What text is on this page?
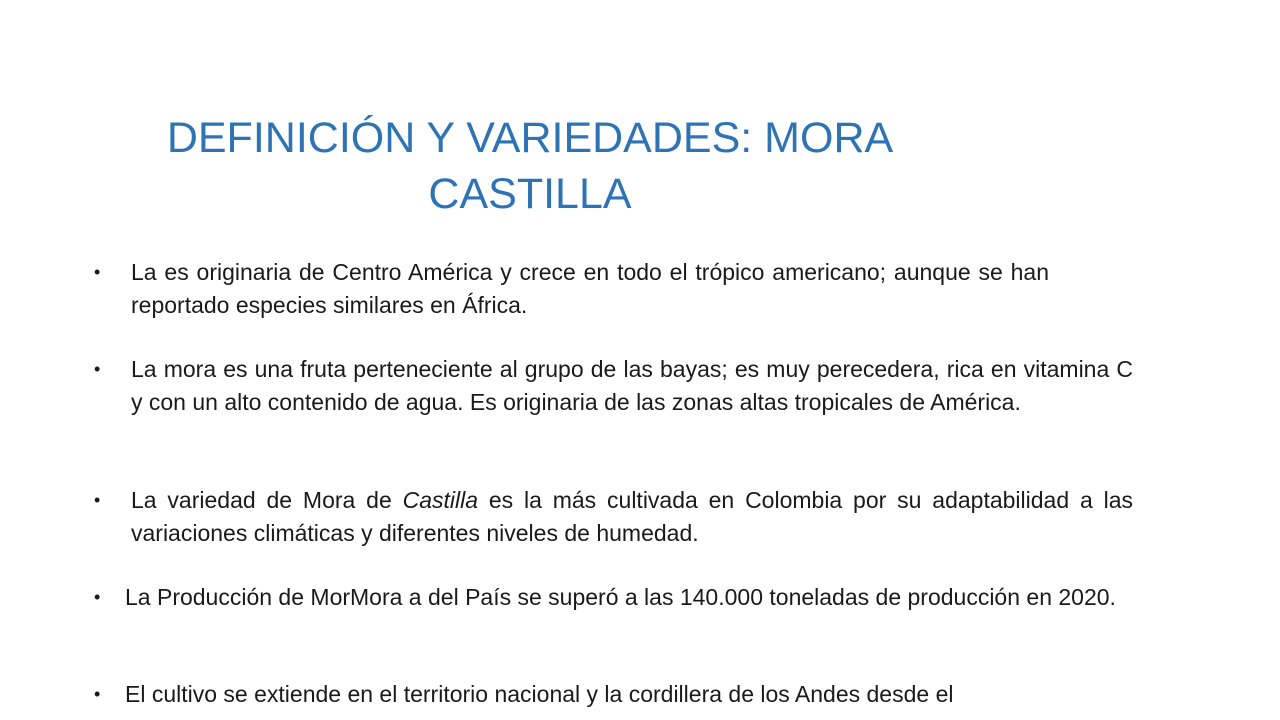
DEFINICIÓN Y VARIEDADES: MORA
CASTILLA
• La es originaria de Centro América y crece en todo el trópico americano; aunque se han reportado especies similares en África.

• La mora es una fruta perteneciente al grupo de las bayas; es muy perecedera, rica en vitamina C y con un alto contenido de agua. Es originaria de las zonas altas tropicales de América.

• La variedad de Mora de Castilla es la más cultivada en Colombia por su adaptabilidad a las variaciones climáticas y diferentes niveles de humedad.

• La Producción de MorMora a del País se superó a las 140.000 toneladas de producción en 2020.

• El cultivo se extiende en el territorio nacional y la cordillera de los Andes desde el
